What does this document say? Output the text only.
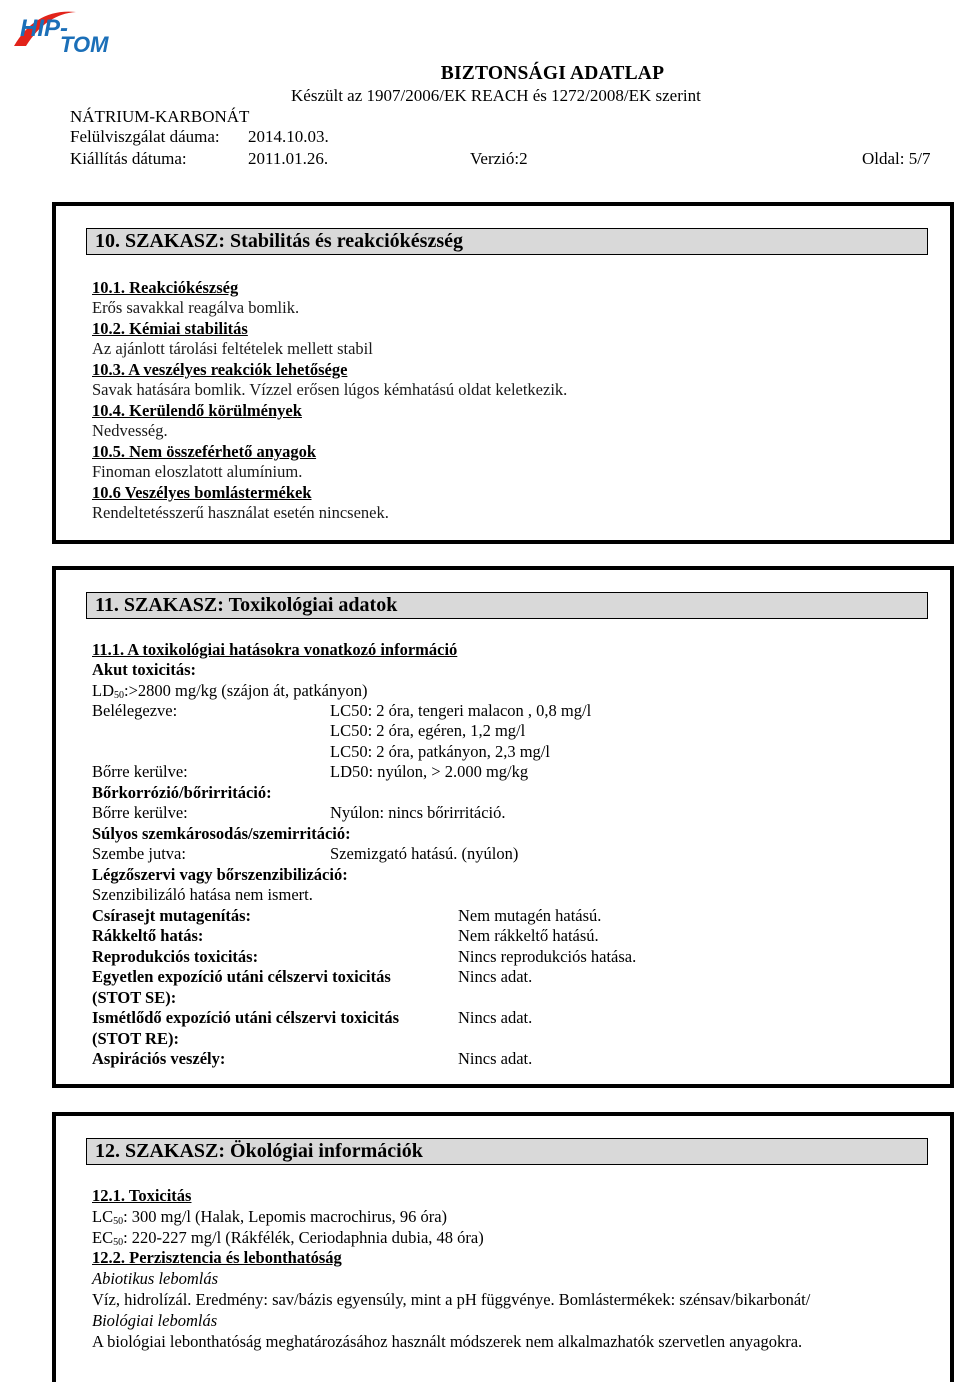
HIP-
TOM
BIZTONSÁGI ADATLAP
Készült az 1907/2006/EK REACH és 1272/2008/EK szerint
NÁTRIUM-KARBONÁT
Felülviszgálat dáuma: 2014.10.03.
Kiállítás dátuma:	2011.01.26.	Verzió:2	Oldal: 5/7
10. SZAKASZ: Stabilitás és reakciókészség
10.1. Reakciókészség
Erős savakkal reagálva bomlik.
10.2. Kémiai stabilitás
Az ajánlott tárolási feltételek mellett stabil
10.3. A veszélyes reakciók lehetősége
Savak hatására bomlik. Vízzel erősen lúgos kémhatású oldat keletkezik.
10.4. Kerülendő körülmények
Nedvesség.
10.5. Nem összeférhető anyagok
Finoman eloszlatott alumínium.
10.6 Veszélyes bomlástermékek
Rendeltetésszerű használat esetén nincsenek.
11. SZAKASZ: Toxikológiai adatok
11.1. A toxikológiai hatásokra vonatkozó információ
Akut toxicitás:
$LD_{50}:>2800$ mg/kg (szájon át, patkányon)
Belélegezve:	LC50: 2 óra, tengeri malacon , 0,8 mg/l
LC50: 2 óra, egéren, 1,2 mg/l
LC50: 2 óra, patkányon, 2,3 mg/l
Bőrre kerülve:	LD50: nyúlon, > 2.000 mg/kg
Bőrkorrózió/bőrirritáció:
Bőrre kerülve:	Nyúlon: nincs bőrirritáció.
Súlyos szemkárosodás/szemirritáció:
Szembe jutva:	Szemizgató hatású. (nyúlon)
Légzőszervi vagy bőrszenzibilizáció:
Szenzibilizáló hatása nem ismert.
Csírasejt mutagenítás:	Nem mutagén hatású.
Rákkeltő hatás:	Nem rákkeltő hatású.
Reprodukciós toxicitás:	Nincs reprodukciós hatása.
Egyetlen expozíció utáni célszervi toxicitás
(STOT SE):
Nincs adat.
Ismétlődő expozíció utáni célszervi toxicitás
(STOT RE):
Nincs adat.
Aspirációs veszély:	Nincs adat.
12. SZAKASZ: Ökológiai információk
12.1. Toxicitás
$LC_{50}$: 300 mg/l (Halak, Lepomis macrochirus, 96 óra)
$EC_{50}$: 220-227 mg/l (Rákfélék, Ceriodaphnia dubia, 48 óra)
12.2. Perzisztencia és lebonthatóság
Abiotikus lebomlás
Víz, hidrolízál. Eredmény: sav/bázis egyensúly, mint a pH függvénye. Bomlástermékek: szénsav/bikarbonát/
Biológiai lebomlás
A biológiai lebonthatóság meghatározásához használt módszerek nem alkalmazhatók szervetlen anyagokra.
